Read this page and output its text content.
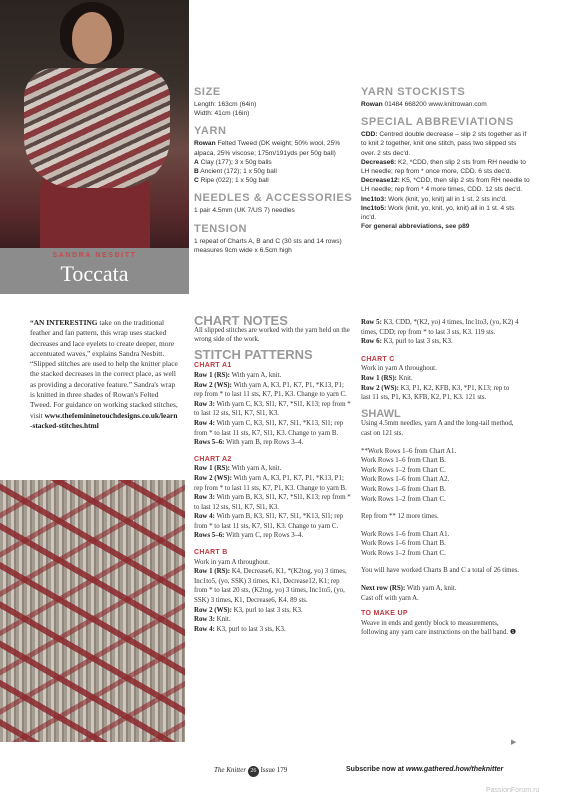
SANDRA NESBITT
Toccata
SIZE
Length: 163cm (64in)
Width: 41cm (16in)
YARN
Rowan Felted Tweed (DK weight; 50% wool, 25% alpaca, 25% viscose; 175m/191yds per 50g ball)
A Clay (177); 3 x 50g balls
B Ancient (172); 1 x 50g ball
C Ripe (022); 1 x 50g ball
NEEDLES & ACCESSORIES
1 pair 4.5mm (UK 7/US 7) needles
TENSION
1 repeat of Charts A, B and C (30 sts and 14 rows) measures 9cm wide x 6.5cm high
YARN STOCKISTS
Rowan 01484 668200 www.knitrowan.com
SPECIAL ABBREVIATIONS
CDD: Centred double decrease – slip 2 sts together as if to knit 2 together, knit one stitch, pass two slipped sts over. 2 sts dec'd.
Decrease6: K2, *CDD, then slip 2 sts from RH needle to LH needle; rep from * once more, CDD. 6 sts dec'd.
Decrease12: K5, *CDD, then slip 2 sts from RH needle to LH needle; rep from * 4 more times, CDD. 12 sts dec'd.
Inc1to3: Work (knit, yo, knit) all in 1 st. 2 sts inc'd.
Inc1to5: Work (knit, yo, knit, yo, knit) all in 1 st. 4 sts inc'd.
For general abbreviations, see p89
“AN INTERESTING take on the traditional feather and fan pattern, this wrap uses stacked decreases and lace eyelets to create deeper, more accentuated waves,” explains Sandra Nesbitt. “Slipped stitches are used to help the knitter place the stacked decreases in the correct place, as well as providing a decorative feature.” Sandra's wrap is knitted in three shades of Rowan's Felted Tweed. For guidance on working stacked stitches, visit www.thefemininetouchdesigns.co.uk/learn-stacked-stitches.html
CHART NOTES
All slipped stitches are worked with the yarn held on the wrong side of the work.
STITCH PATTERNS
CHART A1
Row 1 (RS): With yarn A, knit.
Row 2 (WS): With yarn A, K3, P1, K7, P1, *K13, P1; rep from * to last 11 sts, K7, P1, K3. Change to yarn C.
Row 3: With yarn C, K3, Sl1, K7, *Sl1, K13; rep from * to last 12 sts, Sl1, K7, Sl1, K3.
Row 4: With yarn C, K3, Sl1, K7, Sl1, *K13, Sl1; rep from * to last 11 sts, K7, Sl1, K3. Change to yarn B.
Rows 5–6: With yarn B, rep Rows 3–4.
CHART A2
Row 1 (RS): With yarn A, knit.
Row 2 (WS): With yarn A, K3, P1, K7, P1, *K13, P1; rep from * to last 11 sts, K7, P1, K3. Change to yarn B.
Row 3: With yarn B, K3, Sl1, K7, *Sl1, K13; rep from * to last 12 sts, Sl1, K7, Sl1, K3.
Row 4: With yarn B, K3, Sl1, K7, Sl1, *K13, Sl1; rep from * to last 11 sts, K7, Sl1, K3. Change to yarn C.
Rows 5–6: With yarn C, rep Rows 3–4.
CHART B
Work in yarn A throughout.
Row 1 (RS): K4, Decrease6, K1, *(K2tog, yo) 3 times, Inc1to5, (yo, SSK) 3 times, K1, Decrease12, K1; rep from * to last 20 sts, (K2tog, yo) 3 times, Inc1to5, (yo, SSK) 3 times, K1, Decrease6, K4. 89 sts.
Row 2 (WS): K3, purl to last 3 sts, K3.
Row 3: Knit.
Row 4: K3, purl to last 3 sts, K3.
Row 5: K3, CDD, *(K2, yo) 4 times, Inc1to3, (yo, K2) 4 times, CDD; rep from * to last 3 sts, K3. 119 sts.
Row 6: K3, purl to last 3 sts, K3.
CHART C
Work in yarn A throughout.
Row 1 (RS): Knit.
Row 2 (WS): K3, P1, K2, KFB, K3, *P1, K13; rep to last 11 sts, P1, K3, KFB, K2, P1, K3. 121 sts.
SHAWL
Using 4.5mm needles, yarn A and the long-tail method, cast on 121 sts.
**Work Rows 1–6 from Chart A1.
Work Rows 1–6 from Chart B.
Work Rows 1–2 from Chart C.
Work Rows 1–6 from Chart A2.
Work Rows 1–6 from Chart B.
Work Rows 1–2 from Chart C.
Rep from ** 12 more times.
Work Rows 1–6 from Chart A1.
Work Rows 1–6 from Chart B.
Work Rows 1–2 from Chart C.
You will have worked Charts B and C a total of 26 times.
Next row (RS): With yarn A, knit.
Cast off with yarn A.
TO MAKE UP
Weave in ends and gently block to measurements, following any yarn care instructions on the ball band. ❶
▶
The Knitter 26 Issue 179	Subscribe now at www.gathered.how/theknitter
PassionForum.ru
